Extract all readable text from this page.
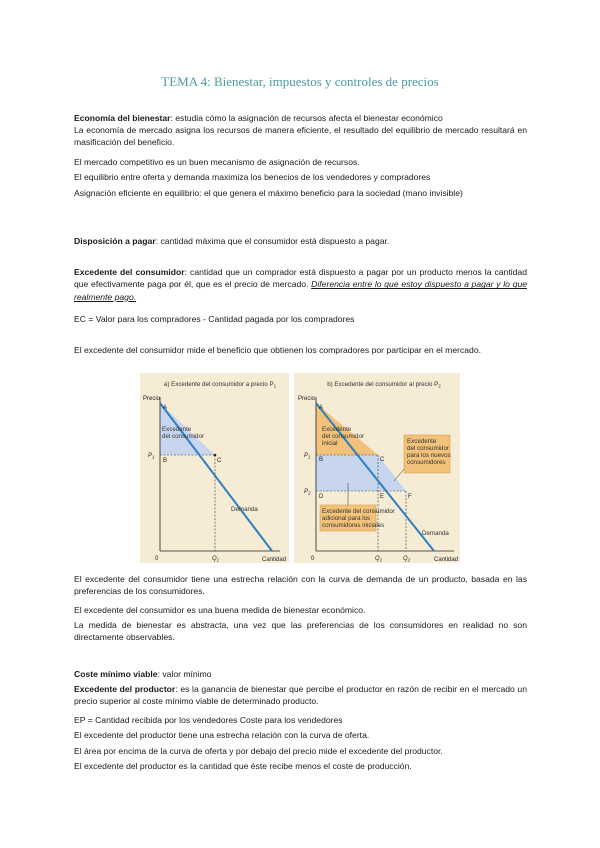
TEMA 4: Bienestar, impuestos y controles de precios

Economía del bienestar: estudia cómo la asignación de recursos afecta el bienestar económico

La economía de mercado asigna los recursos de manera eficiente, el resultado del equilibrio de mercado resultará en masificación del beneficio.

El mercado competitivo es un buen mecanismo de asignación de recursos.

El equilibrio entre oferta y demanda maximiza los benecios de los vendedores y compradores

Asignación eficiente en equilibrio: el que genera el máximo beneficio para la sociedad (mano invisible)

Disposición a pagar: cantidad máxima que el consumidor está dispuesto a pagar.

Excedente del consumidor: cantidad que un comprador está dispuesto a pagar por un producto menos la cantidad que efectivamente paga por él, que es el precio de mercado. Diferencia entre lo que estoy dispuesto a pagar y lo que realmente pago.

EC = Valor para los compradores - Cantidad pagada por los compradores

El excedente del consumidor mide el beneficio que obtienen los compradores por participar en el mercado.

a) Excedente del consumidor a precio $P_1$
Precio
Cantidad
0
A
B	C
$P_1$
$Q_1$
Excedente
del consumidor
Demanda
b) Excedente del consumidor al precio $P_2$
Precio
Cantidad
0
A
B	C
D	E	F
$P_1$
$P_2$
$Q_1$	$Q_2$
Excedente
del consumidor
inicial	Excedente
del consumidor
para los nuevos
consumidores
Excedente del consumidor
adicional para los
consumidores iniciales
Demanda

El excedente del consumidor tiene una estrecha relación con la curva de demanda de un producto, basada en las preferencias de los consumidores.

El excedente del consumidor es una buena medida de bienestar económico.

La medida de bienestar es abstracta, una vez que las preferencias de los consumidores en realidad no son directamente observables.

Coste mínimo viable: valor mínimo

Excedente del productor: es la ganancia de bienestar que percibe el productor en razón de recibir en el mercado un precio superior al coste mínimo viable de determinado producto.

EP = Cantidad recibida por los vendedores Coste para los vendedores

El excedente del productor tiene una estrecha relación con la curva de oferta.

El área por encima de la curva de oferta y por debajo del precio mide el excedente del productor.

El excedente del productor es la cantidad que éste recibe menos el coste de producción.
